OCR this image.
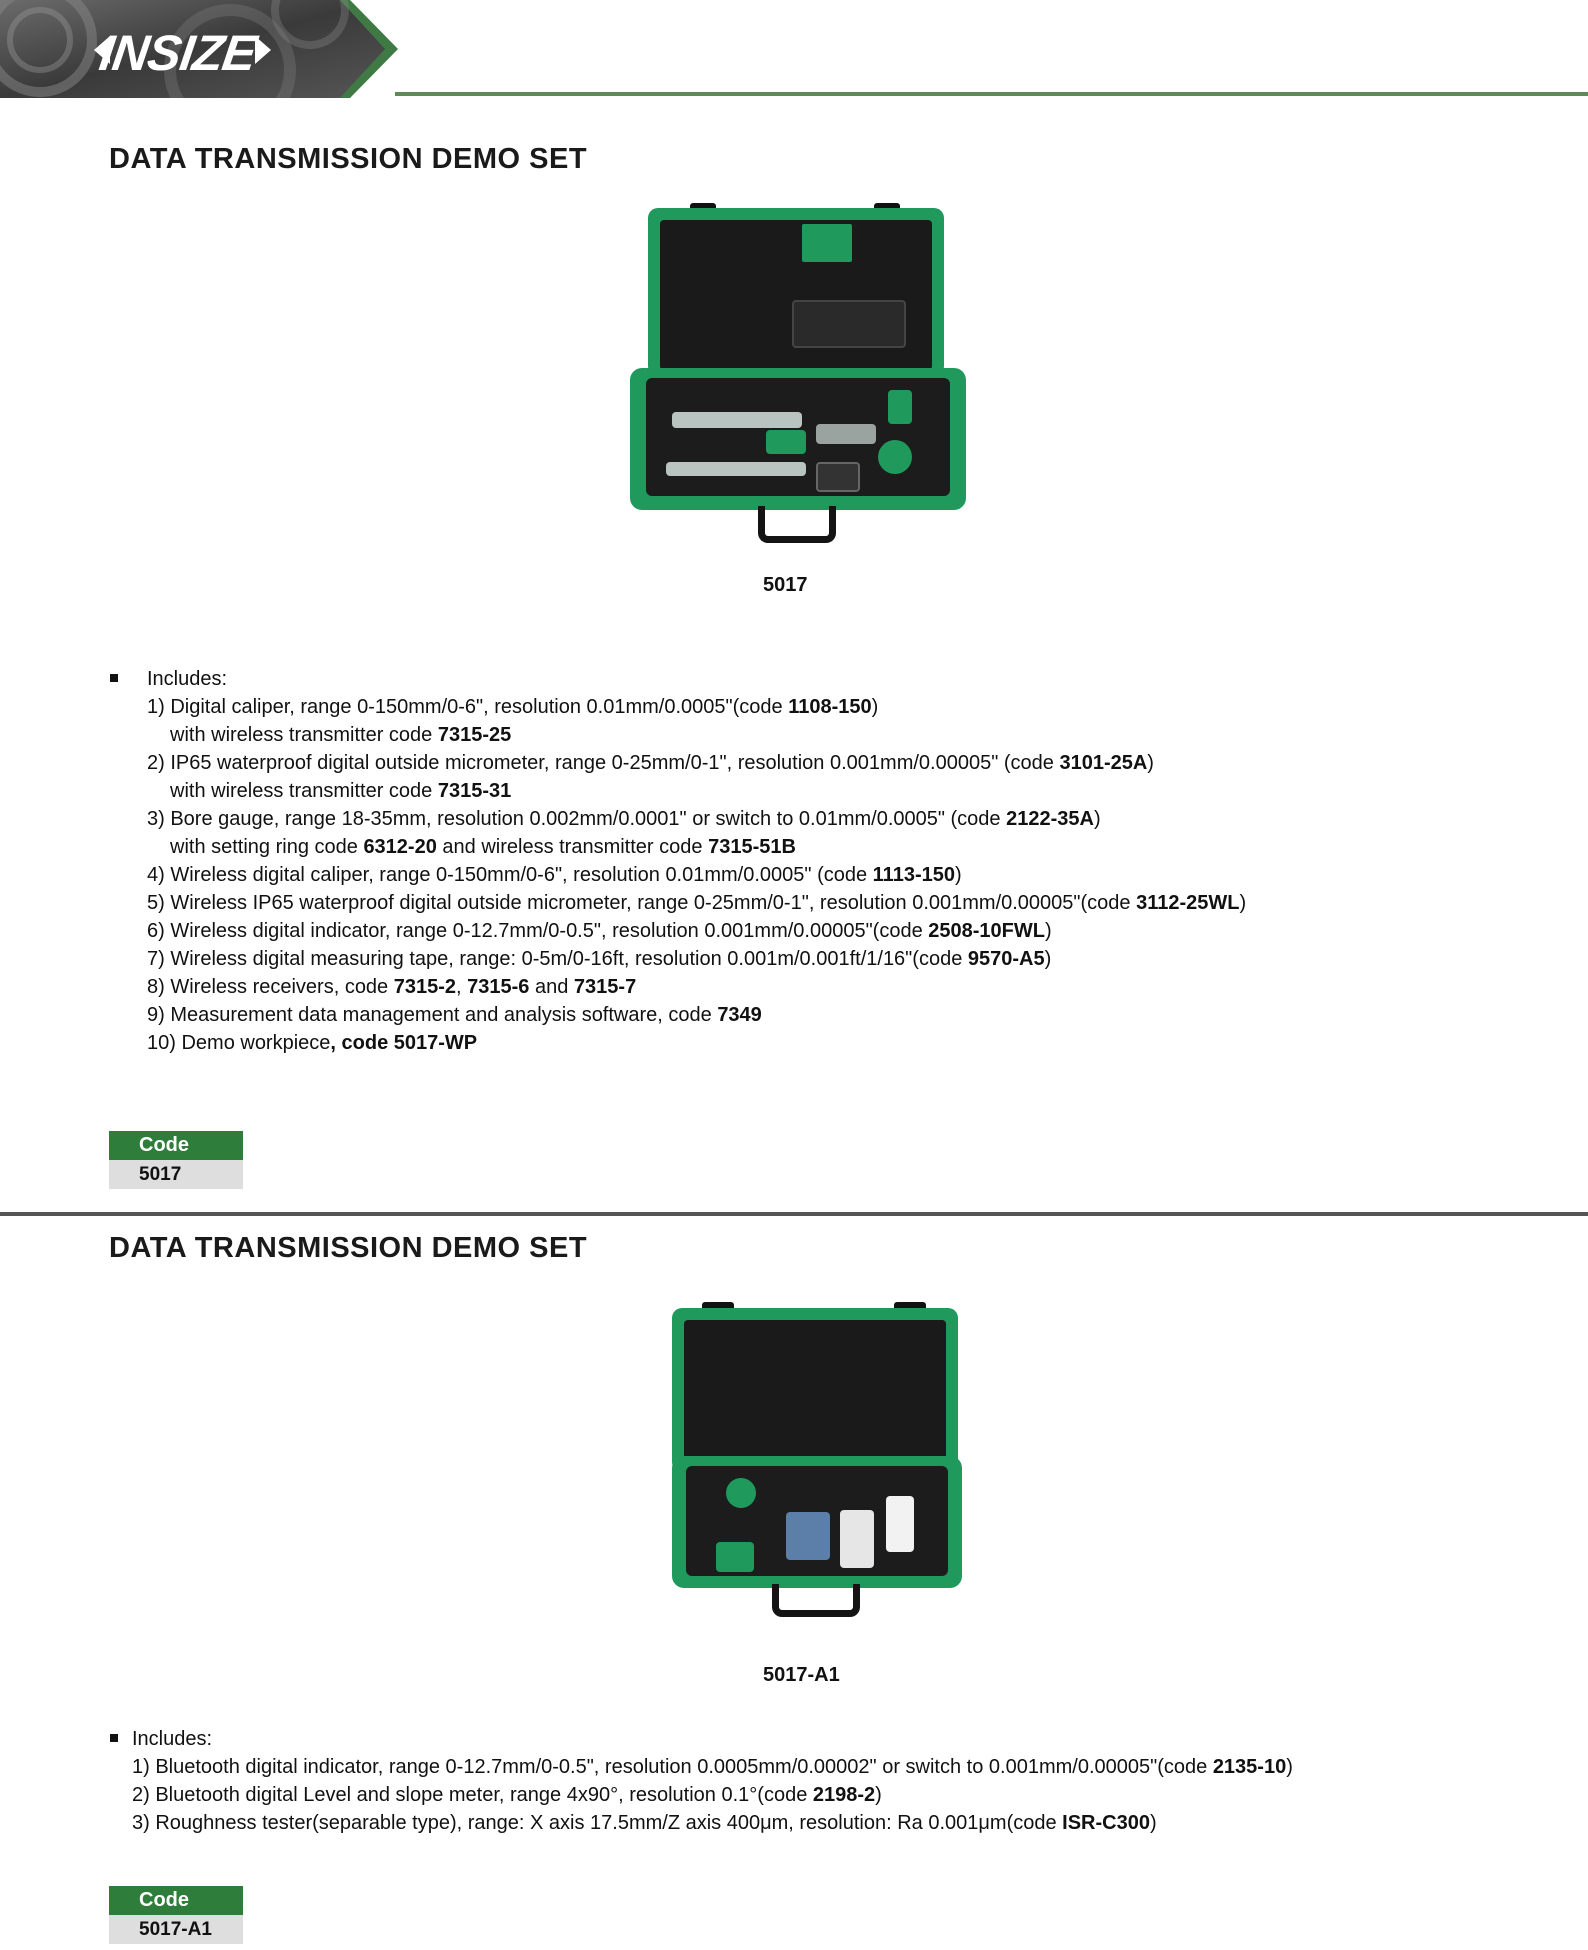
INSIZE
DATA TRANSMISSION DEMO SET
5017
Includes:
1) Digital caliper, range 0-150mm/0-6", resolution 0.01mm/0.0005"(code 1108-150)
with wireless transmitter code 7315-25
2) IP65 waterproof digital outside micrometer, range 0-25mm/0-1", resolution 0.001mm/0.00005" (code 3101-25A)
with wireless transmitter code 7315-31
3) Bore gauge, range 18-35mm, resolution 0.002mm/0.0001" or switch to 0.01mm/0.0005" (code 2122-35A)
with setting ring code 6312-20 and wireless transmitter code 7315-51B
4) Wireless digital caliper, range 0-150mm/0-6", resolution 0.01mm/0.0005" (code 1113-150)
5) Wireless IP65 waterproof digital outside micrometer, range 0-25mm/0-1", resolution 0.001mm/0.00005"(code 3112-25WL)
6) Wireless digital indicator, range 0-12.7mm/0-0.5", resolution 0.001mm/0.00005"(code 2508-10FWL)
7) Wireless digital measuring tape, range: 0-5m/0-16ft, resolution 0.001m/0.001ft/1/16"(code 9570-A5)
8) Wireless receivers, code 7315-2, 7315-6 and 7315-7
9) Measurement data management and analysis software, code 7349
10) Demo workpiece, code 5017-WP
Code
5017
DATA TRANSMISSION DEMO SET
5017-A1
Includes:
1) Bluetooth digital indicator, range 0-12.7mm/0-0.5", resolution 0.0005mm/0.00002" or switch to 0.001mm/0.00005"(code 2135-10)
2) Bluetooth digital Level and slope meter, range 4x90°, resolution 0.1°(code 2198-2)
3) Roughness tester(separable type), range: X axis 17.5mm/Z axis 400μm, resolution: Ra 0.001μm(code ISR-C300)
Code
5017-A1
